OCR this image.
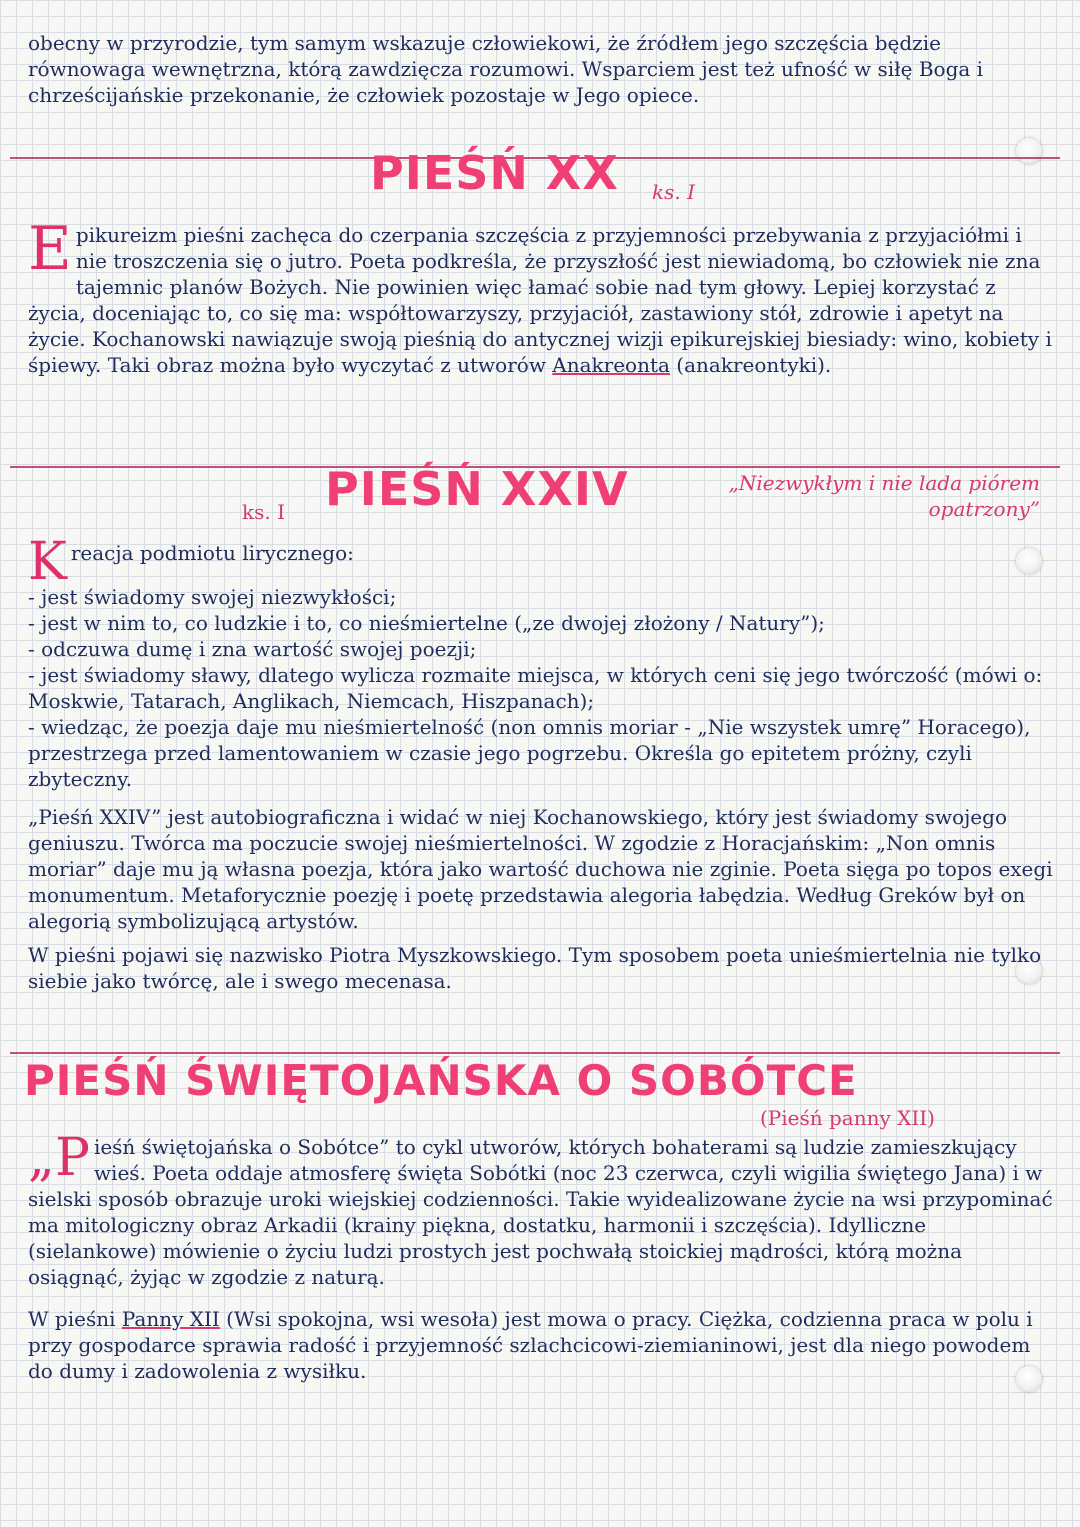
obecny w przyrodzie, tym samym wskazuje człowiekowi, że źródłem jego szczęścia będzie równowaga wewnętrzna, którą zawdzięcza rozumowi. Wsparciem jest też ufność w siłę Boga i chrześcijańskie przekonanie, że człowiek pozostaje w Jego opiece.

PIEŚŃ XX ks. I

Epikureizm pieśni zachęca do czerpania szczęścia z przyjemności przebywania z przyjaciółmi i nie troszczenia się o jutro. Poeta podkreśla, że przyszłość jest niewiadomą, bo człowiek nie zna tajemnic planów Bożych. Nie powinien więc łamać sobie nad tym głowy. Lepiej korzystać z życia, doceniając to, co się ma: współtowarzyszy, przyjaciół, zastawiony stół, zdrowie i apetyt na życie. Kochanowski nawiązuje swoją pieśnią do antycznej wizji epikurejskiej biesiady: wino, kobiety i śpiewy. Taki obraz można było wyczytać z utworów Anakreonta (anakreontyki).

ks. I PIEŚŃ XXIV	„Niezwykłym i nie lada piórem opatrzony”

Kreacja podmiotu lirycznego:

- jest świadomy swojej niezwykłości;
- jest w nim to, co ludzkie i to, co nieśmiertelne („ze dwojej złożony / Natury”);
- odczuwa dumę i zna wartość swojej poezji;
- jest świadomy sławy, dlatego wylicza rozmaite miejsca, w których ceni się jego twórczość (mówi o: Moskwie, Tatarach, Anglikach, Niemcach, Hiszpanach);
- wiedząc, że poezja daje mu nieśmiertelność (non omnis moriar - „Nie wszystek umrę” Horacego), przestrzega przed lamentowaniem w czasie jego pogrzebu. Określa go epitetem próżny, czyli zbyteczny.

„Pieśń XXIV” jest autobiograficzna i widać w niej Kochanowskiego, który jest świadomy swojego geniuszu. Twórca ma poczucie swojej nieśmiertelności. W zgodzie z Horacjańskim: „Non omnis moriar” daje mu ją własna poezja, która jako wartość duchowa nie zginie. Poeta sięga po topos exegi monumentum. Metaforycznie poezję i poetę przedstawia alegoria łabędzia. Według Greków był on alegorią symbolizującą artystów.

W pieśni pojawi się nazwisko Piotra Myszkowskiego. Tym sposobem poeta unieśmiertelnia nie tylko siebie jako twórcę, ale i swego mecenasa.

PIEŚŃ ŚWIĘTOJAŃSKA O SOBÓTCE
(Pieśń panny XII)

„Pieśń świętojańska o Sobótce” to cykl utworów, których bohaterami są ludzie zamieszkujący wieś. Poeta oddaje atmosferę święta Sobótki (noc 23 czerwca, czyli wigilia świętego Jana) i w sielski sposób obrazuje uroki wiejskiej codzienności. Takie wyidealizowane życie na wsi przypominać ma mitologiczny obraz Arkadii (krainy piękna, dostatku, harmonii i szczęścia). Idylliczne (sielankowe) mówienie o życiu ludzi prostych jest pochwałą stoickiej mądrości, którą można osiągnąć, żyjąc w zgodzie z naturą.

W pieśni Panny XII (Wsi spokojna, wsi wesoła) jest mowa o pracy. Ciężka, codzienna praca w polu i przy gospodarce sprawia radość i przyjemność szlachcicowi-ziemianinowi, jest dla niego powodem do dumy i zadowolenia z wysiłku.
